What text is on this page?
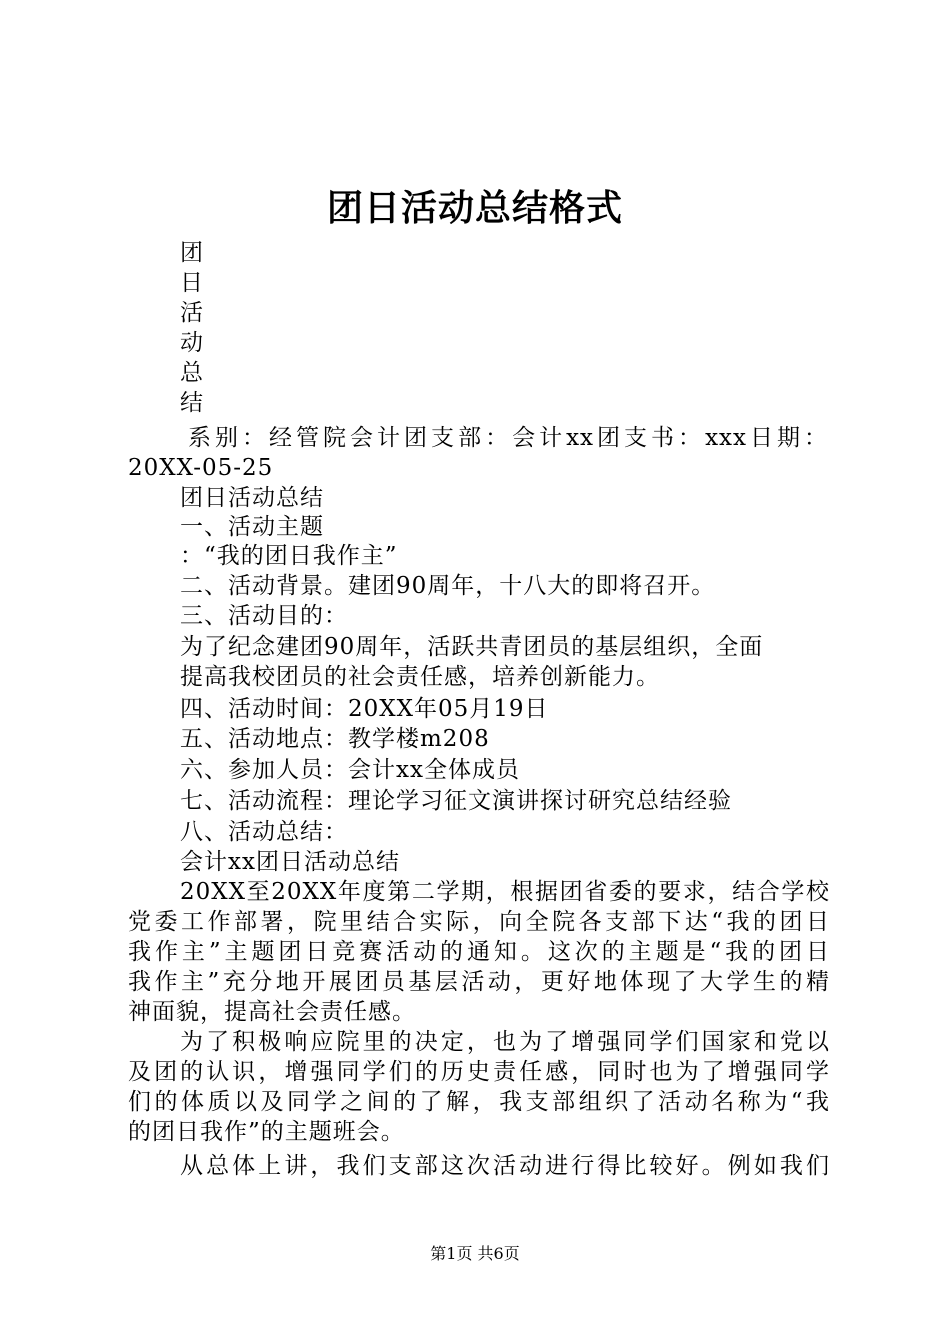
团日活动总结格式
团
日
活
动
总
结
系别：经管院会计团支部：会计xx团支书：xxx日期：
20XX-05-25
团日活动总结
一、活动主题
：“我的团日我作主”
二、活动背景。建团90周年，十八大的即将召开。
三、活动目的：
为了纪念建团90周年，活跃共青团员的基层组织，全面
提高我校团员的社会责任感，培养创新能力。
四、活动时间：20XX年05月19日
五、活动地点：教学楼m208
六、参加人员：会计xx全体成员
七、活动流程：理论学习征文演讲探讨研究总结经验
八、活动总结：
会计xx团日活动总结
20XX至20XX年度第二学期，根据团省委的要求，结合学校
党委工作部署，院里结合实际，向全院各支部下达“我的团日
我作主”主题团日竞赛活动的通知。这次的主题是“我的团日
我作主”充分地开展团员基层活动，更好地体现了大学生的精
神面貌，提高社会责任感。
为了积极响应院里的决定，也为了增强同学们国家和党以
及团的认识，增强同学们的历史责任感，同时也为了增强同学
们的体质以及同学之间的了解，我支部组织了活动名称为“我
的团日我作”的主题班会。
从总体上讲，我们支部这次活动进行得比较好。例如我们
第1页 共6页
